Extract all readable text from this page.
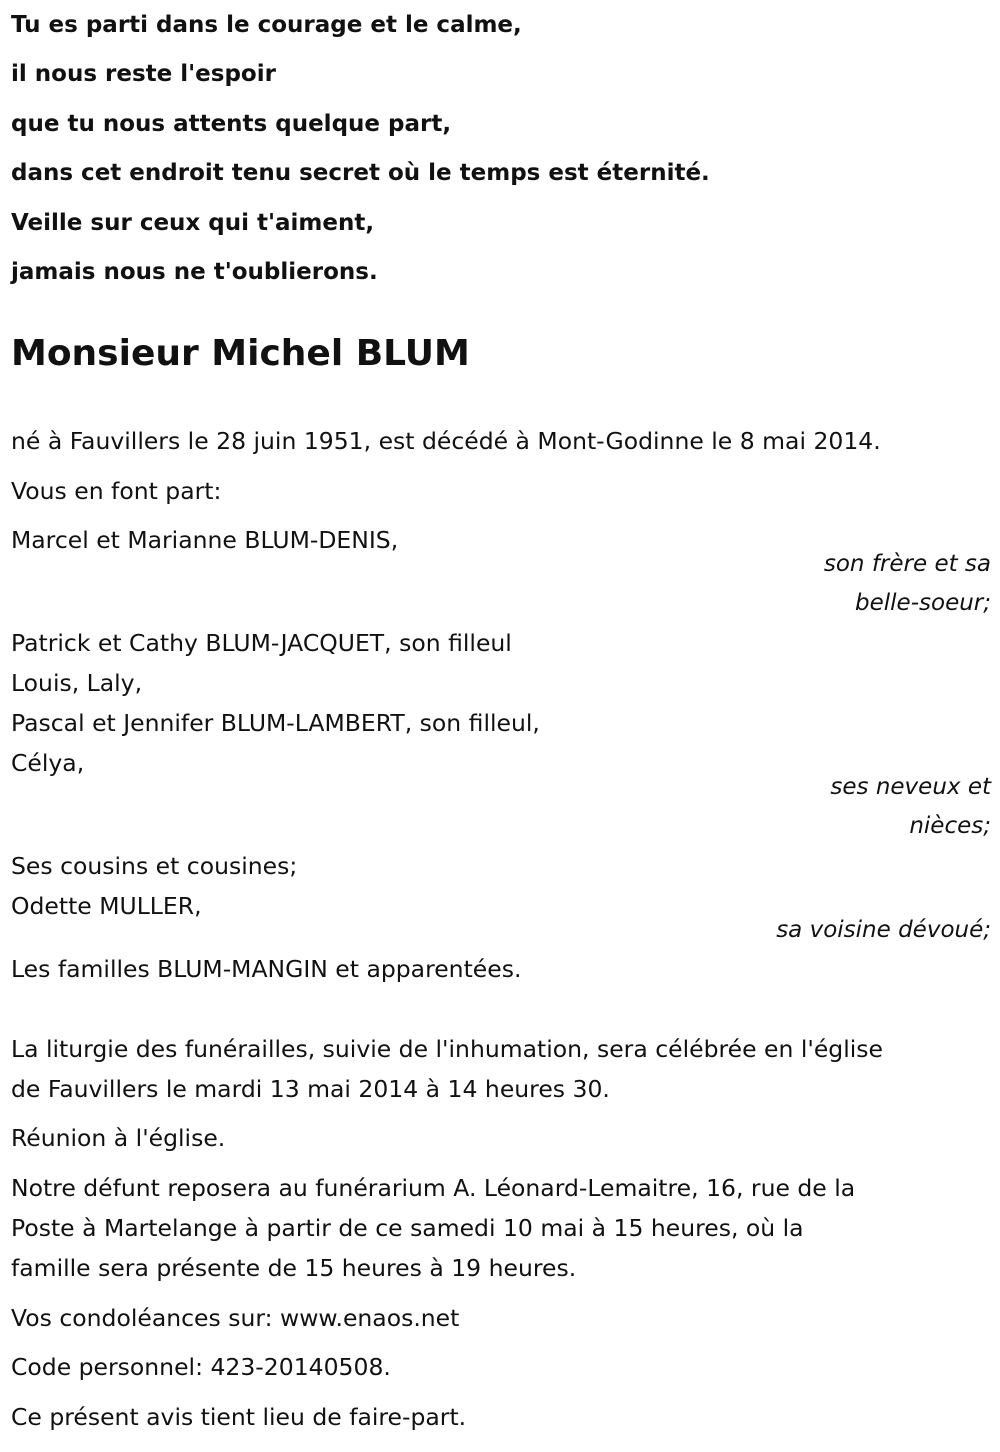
Tu es parti dans le courage et le calme,
il nous reste l'espoir
que tu nous attents quelque part,
dans cet endroit tenu secret où le temps est éternité.
Veille sur ceux qui t'aiment,
jamais nous ne t'oublierons.
Monsieur Michel BLUM
né à Fauvillers le 28 juin 1951, est décédé à Mont-Godinne le 8 mai 2014.
Vous en font part:
Marcel et Marianne BLUM-DENIS,
son frère et sa
belle-soeur;
Patrick et Cathy BLUM-JACQUET, son filleul
Louis, Laly,
Pascal et Jennifer BLUM-LAMBERT, son filleul,
Célya,
ses neveux et
nièces;
Ses cousins et cousines;
Odette MULLER,
sa voisine dévoué;
Les familles BLUM-MANGIN et apparentées.
La liturgie des funérailles, suivie de l'inhumation, sera célébrée en l'église
de Fauvillers le mardi 13 mai 2014 à 14 heures 30.
Réunion à l'église.
Notre défunt reposera au funérarium A. Léonard-Lemaitre, 16, rue de la
Poste à Martelange à partir de ce samedi 10 mai à 15 heures, où la
famille sera présente de 15 heures à 19 heures.
Vos condoléances sur: www.enaos.net
Code personnel: 423-20140508.
Ce présent avis tient lieu de faire-part.
